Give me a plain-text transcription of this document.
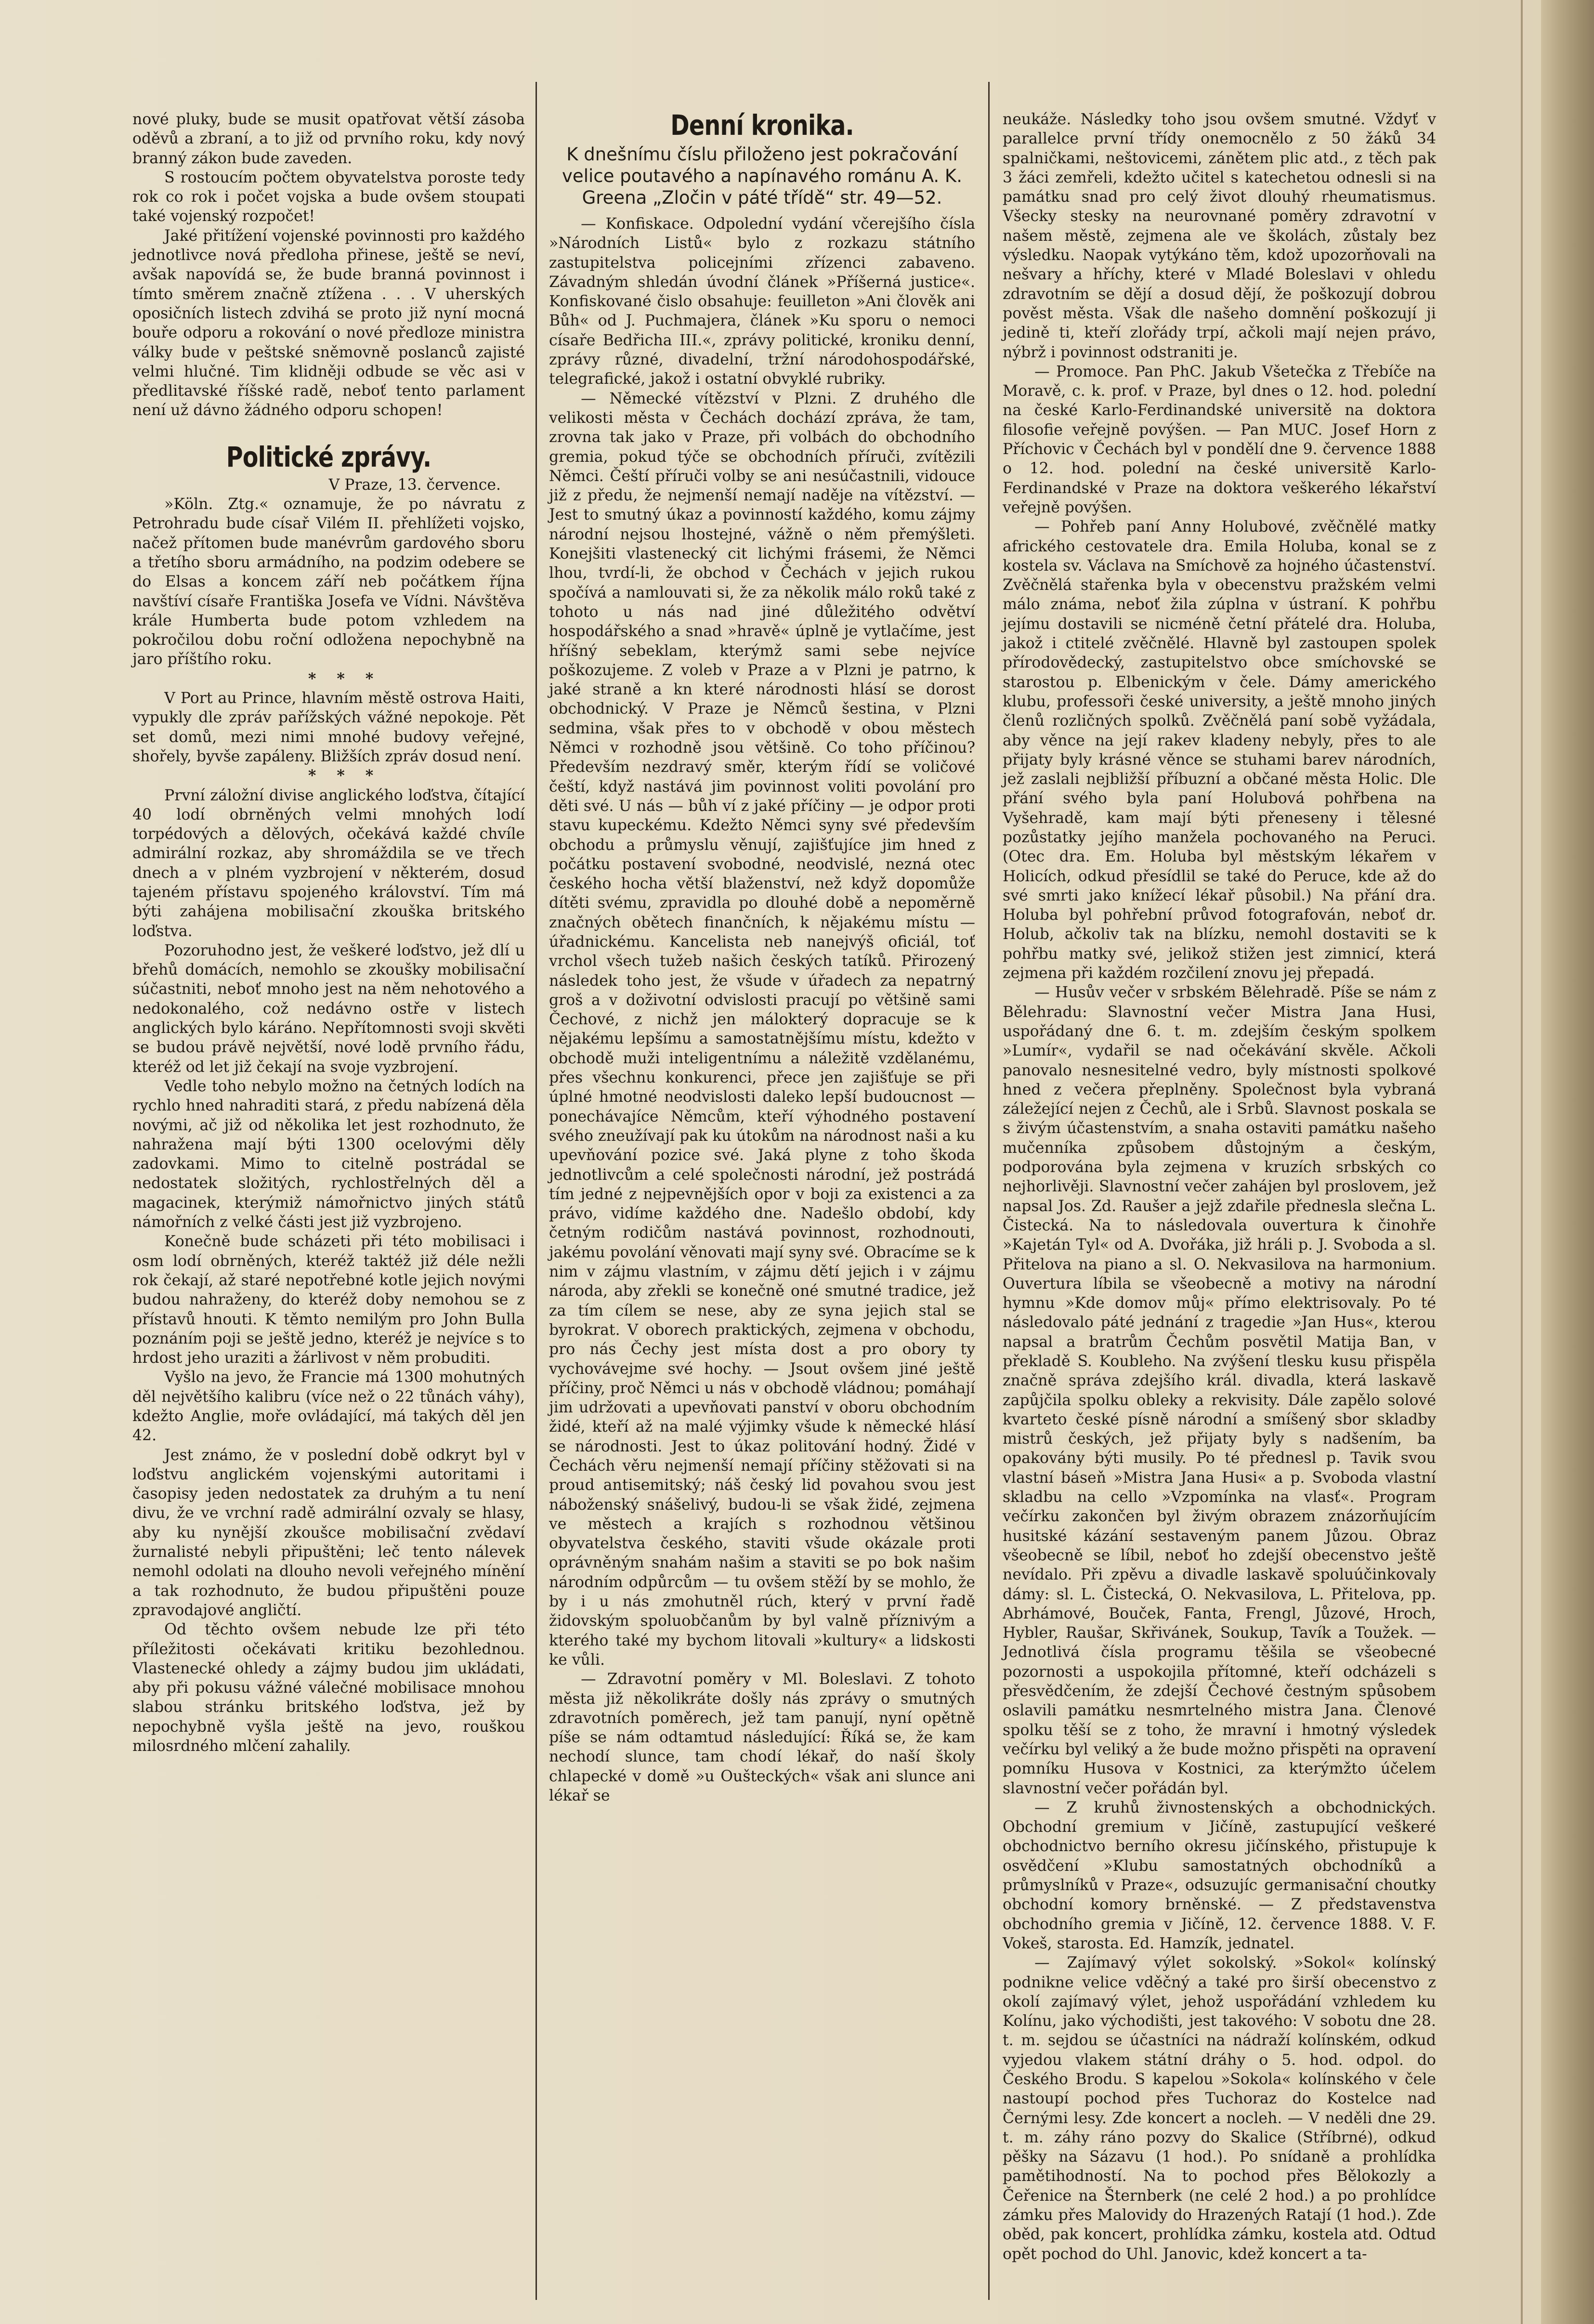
nové pluky, bude se musit opatřovat větší zásoba oděvů a zbraní, a to již od prvního roku, kdy nový branný zákon bude zaveden.

S rostoucím počtem obyvatelstva poroste tedy rok co rok i počet vojska a bude ovšem stoupati také vojenský rozpočet!

Jaké přitížení vojenské povinnosti pro každého jednotlivce nová předloha přinese, ještě se neví, avšak napovídá se, že bude branná povinnost i tímto směrem značně ztížena . . . V uherských oposičních listech zdvihá se proto již nyní mocná bouře odporu a rokování o nové předloze ministra války bude v peštské sněmovně poslanců zajisté velmi hlučné. Tim klidněji odbude se věc asi v předlitavské říšské radě, neboť tento parlament není už dávno žádného odporu schopen!

Politické zprávy.

V Praze, 13. července.

»Köln. Ztg.« oznamuje, že po návratu z Petrohradu bude císař Vilém II. přehlížeti vojsko, načež přítomen bude manévrům gardového sboru a třetího sboru armádního, na podzim odebere se do Elsas a koncem září neb počátkem října navštíví císaře Františka Josefa ve Vídni. Návštěva krále Humberta bude potom vzhledem na pokročilou dobu roční odložena nepochybně na jaro příštího roku.

* * *

V Port au Prince, hlavním městě ostrova Haiti, vypukly dle zpráv pařížských vážné nepokoje. Pět set domů, mezi nimi mnohé budovy veřejné, shořely, byvše zapáleny. Bližších zpráv dosud není.

* * *

První záložní divise anglického loďstva, čítající 40 lodí obrněných velmi mnohých lodí torpédových a dělových, očekává každé chvíle admirální rozkaz, aby shromáždila se ve třech dnech a v plném vyzbrojení v některém, dosud tajeném přístavu spojeného království. Tím má býti zahájena mobilisační zkouška britského loďstva.

Pozoruhodno jest, že veškeré loďstvo, jež dlí u břehů domácích, nemohlo se zkoušky mobilisační súčastniti, neboť mnoho jest na něm nehotového a nedokonalého, což nedávno ostře v listech anglických bylo káráno. Nepřítomnosti svoji skvěti se budou právě největší, nové lodě prvního řádu, kteréž od let již čekají na svoje vyzbrojení.

Vedle toho nebylo možno na četných lodích na rychlo hned nahraditi stará, z předu nabízená děla novými, ač již od několika let jest rozhodnuto, že nahražena mají býti 1300 ocelovými děly zadovkami. Mimo to citelně postrádal se nedostatek složitých, rychlostřelných děl a magacinek, kterýmiž námořnictvo jiných států námořních z velké části jest již vyzbrojeno.

Konečně bude scházeti při této mobilisaci i osm lodí obrněných, kteréž taktéž již déle nežli rok čekají, až staré nepotřebné kotle jejich novými budou nahraženy, do kteréž doby nemohou se z přístavů hnouti. K těmto nemilým pro John Bulla poznáním poji se ještě jedno, kteréž je nejvíce s to hrdost jeho uraziti a žárlivost v něm probuditi.

Vyšlo na jevo, že Francie má 1300 mohutných děl největšího kalibru (více než o 22 tůnách váhy), kdežto Anglie, moře ovládající, má takých děl jen 42.

Jest známo, že v poslední době odkryt byl v loďstvu anglickém vojenskými autoritami i časopisy jeden nedostatek za druhým a tu není divu, že ve vrchní radě admirální ozvaly se hlasy, aby ku nynější zkoušce mobilisační zvědaví žurnalisté nebyli připuštěni; leč tento nálevek nemohl odolati na dlouho nevoli veřejného mínění a tak rozhodnuto, že budou připuštěni pouze zpravodajové angličtí.

Od těchto ovšem nebude lze při této příležitosti očekávati kritiku bezohlednou. Vlastenecké ohledy a zájmy budou jim ukládati, aby při pokusu vážné válečné mobilisace mnohou slabou stránku britského loďstva, jež by nepochybně vyšla ještě na jevo, rouškou milosrdného mlčení zahalily.

Denní kronika.
K dnešnímu číslu přiloženo jest pokračování velice poutavého a napínavého románu A. K. Greena „Zločin v páté třídě“ str. 49—52.

— Konfiskace. Odpolední vydání včerejšího čísla »Národních Listů« bylo z rozkazu státního zastupitelstva policejními zřízenci zabaveno. Závadným shledán úvodní článek »Příšerná justice«. Konfiskované čislo obsahuje: feuilleton »Ani člověk ani Bůh« od J. Puchmajera, článek »Ku sporu o nemoci císaře Bedřicha III.«, zprávy politické, kroniku denní, zprávy různé, divadelní, tržní národohospodářské, telegrafické, jakož i ostatní obvyklé rubriky.

— Německé vítězství v Plzni. Z druhého dle velikosti města v Čechách dochází zpráva, že tam, zrovna tak jako v Praze, při volbách do obchodního gremia, pokud týče se obchodních příruči, zvítězili Němci. Čeští příruči volby se ani nesúčastnili, vidouce již z předu, že nejmenší nemají naděje na vítězství. — Jest to smutný úkaz a povinností každého, komu zájmy národní nejsou lhostejné, vážně o něm přemýšleti. Konejšiti vlastenecký cit lichými frásemi, že Němci lhou, tvrdí-li, že obchod v Čechách v jejich rukou spočívá a namlouvati si, že za několik málo roků také z tohoto u nás nad jiné důležitého odvětví hospodářského a snad »hravě« úplně je vytlačíme, jest hříšný sebeklam, kterýmž sami sebe nejvíce poškozujeme. Z voleb v Praze a v Plzni je patrno, k jaké straně a kn které národnosti hlásí se dorost obchodnický. V Praze je Němců šestina, v Plzni sedmina, však přes to v obchodě v obou městech Němci v rozhodně jsou většině. Co toho příčinou? Především nezdravý směr, kterým řídí se voličové čeští, když nastává jim povinnost voliti povolání pro děti své. U nás — bůh ví z jaké příčiny — je odpor proti stavu kupeckému. Kdežto Němci syny své především obchodu a průmyslu věnují, zajišťujíce jim hned z počátku postavení svobodné, neodvislé, nezná otec českého hocha větší blaženství, než když dopomůže dítěti svému, zpravidla po dlouhé době a nepoměrně značných obětech finančních, k nějakému místu — úřadnickému. Kancelista neb nanejvýš oficiál, toť vrchol všech tužeb našich českých tatíků. Přirozený následek toho jest, že všude v úřadech za nepatrný groš a v doživotní odvislosti pracují po většině sami Čechové, z nichž jen málokterý dopracuje se k nějakému lepšímu a samostatnějšímu místu, kdežto v obchodě muži inteligentnímu a náležitě vzdělanému, přes všechnu konkurenci, přece jen zajišťuje se při úplné hmotné neodvislosti daleko lepší budoucnost — ponechávajíce Němcům, kteří výhodného postavení svého zneužívají pak ku útokům na národnost naši a ku upevňování pozice své. Jaká plyne z toho škoda jednotlivcům a celé společnosti národní, jež postrádá tím jedné z nejpevnějších opor v boji za existenci a za právo, vidíme každého dne. Nadešlo období, kdy četným rodičům nastává povinnost, rozhodnouti, jakému povolání věnovati mají syny své. Obracíme se k nim v zájmu vlastním, v zájmu dětí jejich i v zájmu národa, aby zřekli se konečně oné smutné tradice, jež za tím cílem se nese, aby ze syna jejich stal se byrokrat. V oborech praktických, zejmena v obchodu, pro nás Čechy jest místa dost a pro obory ty vychovávejme své hochy. — Jsout ovšem jiné ještě příčiny, proč Němci u nás v obchodě vládnou; pomáhají jim udržovati a upevňovati panství v oboru obchodním židé, kteří až na malé výjimky všude k německé hlásí se národnosti. Jest to úkaz politování hodný. Židé v Čechách věru nejmenší nemají příčiny stěžovati si na proud antisemitský; náš český lid povahou svou jest náboženský snášelivý, budou-li se však židé, zejmena ve městech a krajích s rozhodnou většinou obyvatelstva českého, staviti všude okázale proti oprávněným snahám našim a staviti se po bok našim národním odpůrcům — tu ovšem stěží by se mohlo, že by i u nás zmohutněl rúch, který v první řadě židovským spoluobčanům by byl valně příznivým a kterého také my bychom litovali »kultury« a lidskosti ke vůli.

— Zdravotní poměry v Ml. Boleslavi. Z tohoto města již několikráte došly nás zprávy o smutných zdravotních poměrech, jež tam panují, nyní opětně píše se nám odtamtud následující: Říká se, že kam nechodí slunce, tam chodí lékař, do naší školy chlapecké v domě »u Oušteckých« však ani slunce ani lékař se

neukáže. Následky toho jsou ovšem smutné. Vždyť v parallelce první třídy onemocnělo z 50 žáků 34 spalničkami, neštovicemi, zánětem plic atd., z těch pak 3 žáci zemřeli, kdežto učitel s katechetou odnesli si na památku snad pro celý život dlouhý rheumatismus. Všecky stesky na neurovnané poměry zdravotní v našem městě, zejmena ale ve školách, zůstaly bez výsledku. Naopak vytýkáno těm, kdož upozorňovali na nešvary a hříchy, které v Mladé Boleslavi v ohledu zdravotním se dějí a dosud dějí, že poškozují dobrou pověst města. Však dle našeho domnění poškozují ji jedině ti, kteří zlořády trpí, ačkoli mají nejen právo, nýbrž i povinnost odstraniti je.

— Promoce. Pan PhC. Jakub Všetečka z Třebíče na Moravě, c. k. prof. v Praze, byl dnes o 12. hod. polední na české Karlo-Ferdinandské universitě na doktora filosofie veřejně povýšen. — Pan MUC. Josef Horn z Příchovic v Čechách byl v pondělí dne 9. července 1888 o 12. hod. polední na české universitě Karlo-Ferdinandské v Praze na doktora veškerého lékařství veřejně povýšen.

— Pohřeb paní Anny Holubové, zvěčnělé matky afrického cestovatele dra. Emila Holuba, konal se z kostela sv. Václava na Smíchově za hojného účastenství. Zvěčnělá stařenka byla v obecenstvu pražském velmi málo známa, neboť žila zúplna v ústraní. K pohřbu jejímu dostavili se nicméně četní přátelé dra. Holuba, jakož i ctitelé zvěčnělé. Hlavně byl zastoupen spolek přírodovědecký, zastupitelstvo obce smíchovské se starostou p. Elbenickým v čele. Dámy amerického klubu, professoři české university, a ještě mnoho jiných členů rozličných spolků. Zvěčnělá paní sobě vyžádala, aby věnce na její rakev kladeny nebyly, přes to ale přijaty byly krásné věnce se stuhami barev národních, jež zaslali nejbližší příbuzní a občané města Holic. Dle přání svého byla paní Holubová pohřbena na Vyšehradě, kam mají býti přeneseny i tělesné pozůstatky jejího manžela pochovaného na Peruci. (Otec dra. Em. Holuba byl městským lékařem v Holicích, odkud přesídlil se také do Peruce, kde až do své smrti jako knížecí lékař působil.) Na přání dra. Holuba byl pohřební průvod fotografován, neboť dr. Holub, ačkoliv tak na blízku, nemohl dostaviti se k pohřbu matky své, jelikož stižen jest zimnicí, která zejmena při každém rozčilení znovu jej přepadá.

— Husův večer v srbském Bělehradě. Píše se nám z Bělehradu: Slavnostní večer Mistra Jana Husi, uspořádaný dne 6. t. m. zdejším českým spolkem »Lumír«, vydařil se nad očekávání skvěle. Ačkoli panovalo nesnesitelné vedro, byly místnosti spolkové hned z večera přeplněny. Společnost byla vybraná záležející nejen z Čechů, ale i Srbů. Slavnost poskala se s živým účastenstvím, a snaha ostaviti památku našeho mučenníka způsobem důstojným a českým, podporována byla zejmena v kruzích srbských co nejhorlivěji. Slavnostní večer zahájen byl proslovem, jež napsal Jos. Zd. Raušer a jejž zdařile přednesla slečna L. Čistecká. Na to následovala ouvertura k činohře »Kajetán Tyl« od A. Dvořáka, již hráli p. J. Svoboda a sl. Přitelova na piano a sl. O. Nekvasilova na harmonium. Ouvertura líbila se všeobecně a motivy na národní hymnu »Kde domov můj« přímo elektrisovaly. Po té následovalo páté jednání z tragedie »Jan Hus«, kterou napsal a bratrům Čechům posvětil Matija Ban, v překladě S. Koubleho. Na zvýšení tlesku kusu přispěla značně správa zdejšího král. divadla, která laskavě zapůjčila spolku oblekу a rekvisity. Dále zapělo solové kvarteto české písně národní a smíšený sbor skladby mistrů českých, jež přijaty byly s nadšením, ba opakovány býti musily. Po té přednesl p. Tavik svou vlastní báseň »Mistra Jana Husi« a p. Svoboda vlastní skladbu na cello »Vzpomínka na vlasť«. Program večírku zakončen byl živým obrazem znázorňujícím husitské kázání sestaveným panem Jůzou. Obraz všeobecně se líbil, neboť ho zdejší obecenstvo ještě nevídalo. Při zpěvu a divadle laskavě spoluúčinkovaly dámy: sl. L. Čistecká, O. Nekvasilova, L. Přitelova, pp. Abrhámové, Bouček, Fanta, Frengl, Jůzové, Hroch, Hybler, Raušar, Skřivánek, Soukup, Tavík a Toužek. — Jednotlivá čísla programu těšila se všeobecné pozornosti a uspokojila přítomné, kteří odcházeli s přesvědčením, že zdejší Čechové čestným spůsobem oslavili památku nesmrtelného mistra Jana. Členové spolku těší se z toho, že mravní i hmotný výsledek večírku byl veliký a že bude možno přispěti na opravení pomníku Husova v Kostnici, za kterýmžto účelem slavnostní večer pořádán byl.

— Z kruhů živnostenských a obchodnických. Obchodní gremium v Jičíně, zastupující veškeré obchodnictvo berního okresu jičínského, přistupuje k osvědčení »Klubu samostatných obchodníků a průmyslníků v Praze«, odsuzujíc germanisační choutky obchodní komory brněnské. — Z představenstva obchodního gremia v Jičíně, 12. července 1888. V. F. Vokeš, starosta. Ed. Hamzík, jednatel.

— Zajímavý výlet sokolský. »Sokol« kolínský podnikne velice vděčný a také pro širší obecenstvo z okolí zajímavý výlet, jehož uspořádání vzhledem ku Kolínu, jako východišti, jest takového: V sobotu dne 28. t. m. sejdou se účastníci na nádraží kolínském, odkud vyjedou vlakem státní dráhy o 5. hod. odpol. do Českého Brodu. S kapelou »Sokola« kolínského v čele nastoupí pochod přes Tuchoraz do Kostelce nad Černými lesy. Zde koncert a nocleh. — V neděli dne 29. t. m. záhy ráno pozvy do Skalice (Stříbrné), odkud pěšky na Sázavu (1 hod.). Po snídaně a prohlídka pamětihodností. Na to pochod přes Bělokozly a Čeřenice na Šternberk (ne celé 2 hod.) a po prohlídce zámku přes Malovidy do Hrazených Ratají (1 hod.). Zde oběd, pak koncert, prohlídka zámku, kostela atd. Odtud opět pochod do Uhl. Janovic, kdež koncert a ta-
